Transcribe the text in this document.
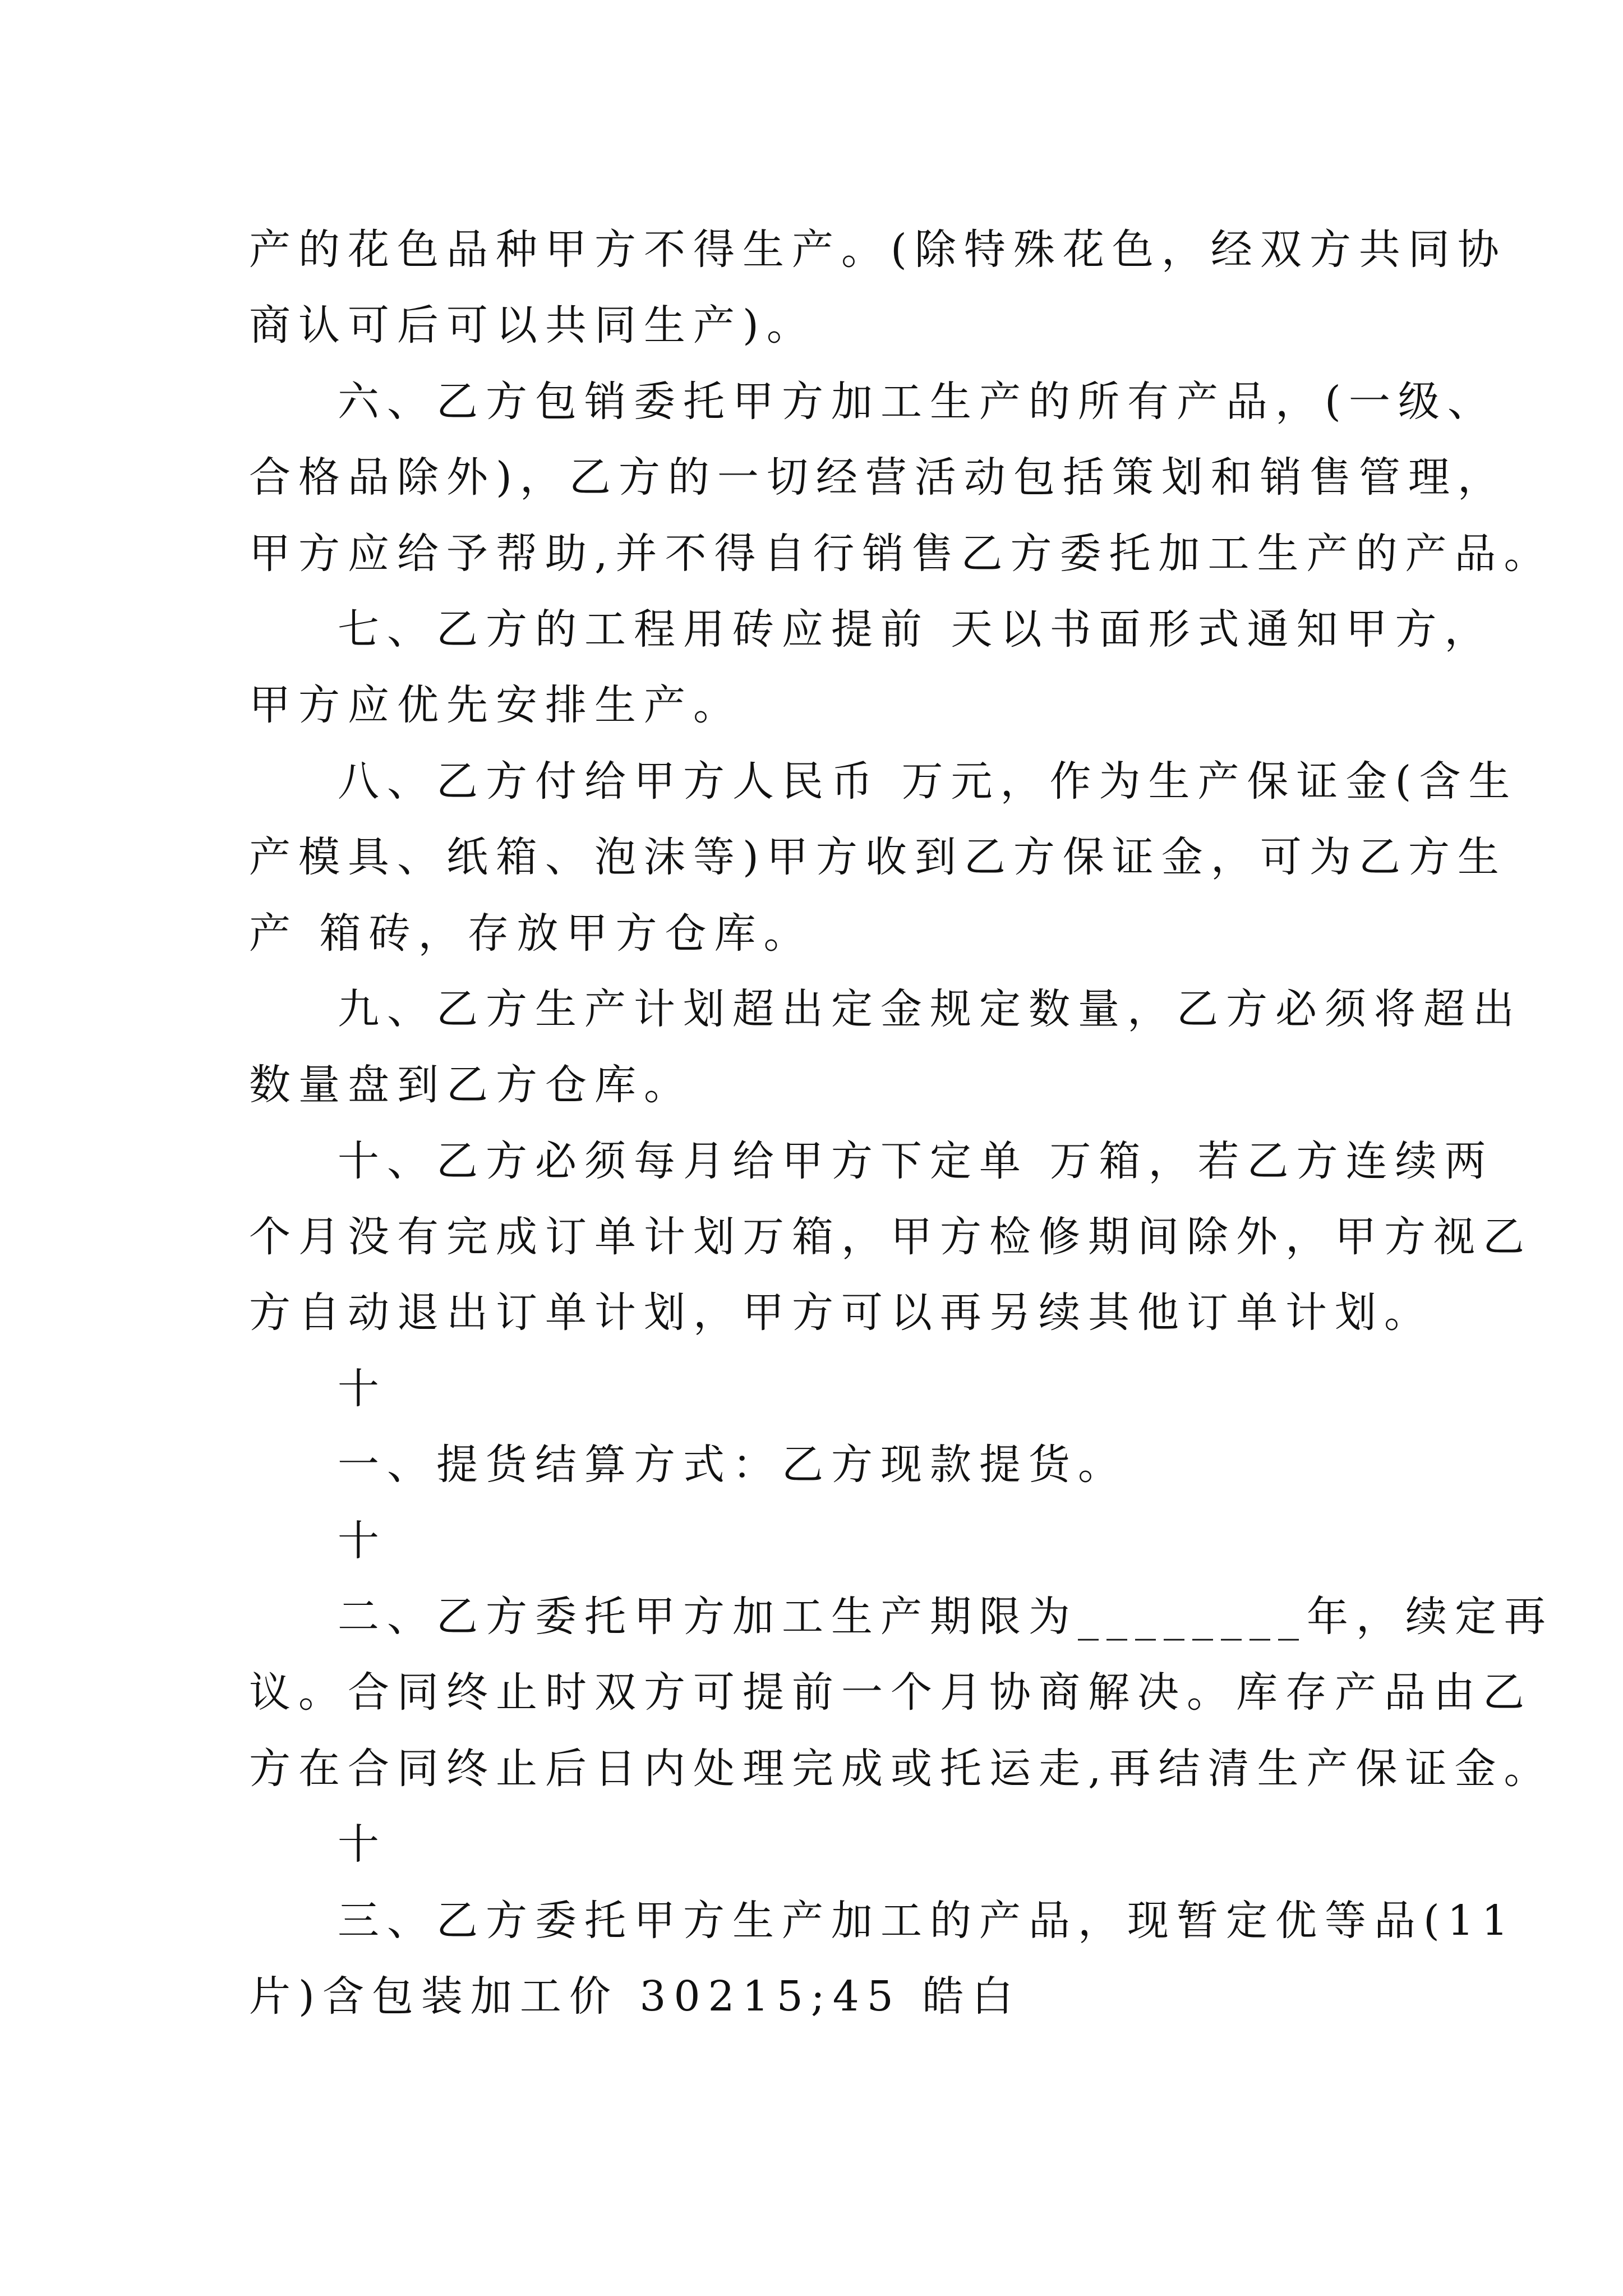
产的花色品种甲方不得生产。(除特殊花色，经双方共同协
商认可后可以共同生产)。
六、乙方包销委托甲方加工生产的所有产品，(一级、
合格品除外)，乙方的一切经营活动包括策划和销售管理，
甲方应给予帮助,并不得自行销售乙方委托加工生产的产品。
七、乙方的工程用砖应提前 天以书面形式通知甲方，
甲方应优先安排生产。
八、乙方付给甲方人民币 万元，作为生产保证金(含生
产模具、纸箱、泡沫等)甲方收到乙方保证金，可为乙方生
产 箱砖，存放甲方仓库。
九、乙方生产计划超出定金规定数量，乙方必须将超出
数量盘到乙方仓库。
十、乙方必须每月给甲方下定单 万箱，若乙方连续两
个月没有完成订单计划万箱，甲方检修期间除外，甲方视乙
方自动退出订单计划，甲方可以再另续其他订单计划。
十
一、提货结算方式：乙方现款提货。
十
二、乙方委托甲方加工生产期限为________年，续定再
议。合同终止时双方可提前一个月协商解决。库存产品由乙
方在合同终止后日内处理完成或托运走,再结清生产保证金。
十
三、乙方委托甲方生产加工的产品，现暂定优等品(11
片)含包装加工价 30215;45 皓白
